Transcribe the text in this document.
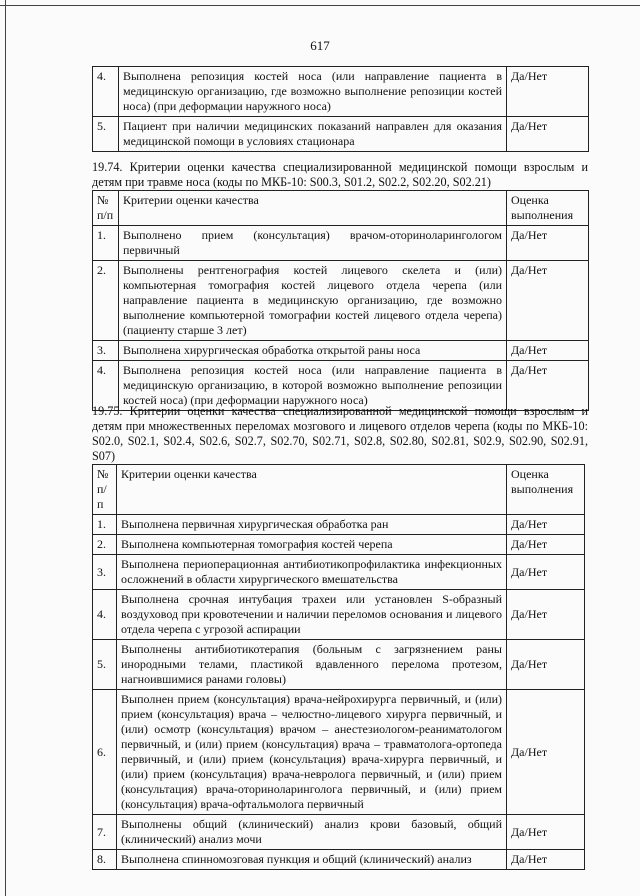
617
4.	Выполнена репозиция костей носа (или направление пациента в медицинскую организацию, где возможно выполнение репозиции костей носа) (при деформации наружного носа)	Да/Нет
5.	Пациент при наличии медицинских показаний направлен для оказания медицинской помощи в условиях стационара	Да/Нет
19.74. Критерии оценки качества специализированной медицинской помощи взрослым и детям при травме носа (коды по МКБ-10: S00.3, S01.2, S02.2, S02.20, S02.21)
№ п/п	Критерии оценки качества	Оценка выполнения
1.	Выполнено прием (консультация) врачом-оториноларингологом первичный	Да/Нет
2.	Выполнены рентгенография костей лицевого скелета и (или) компьютерная томография костей лицевого отдела черепа (или направление пациента в медицинскую организацию, где возможно выполнение компьютерной томографии костей лицевого отдела черепа) (пациенту старше 3 лет)	Да/Нет
3.	Выполнена хирургическая обработка открытой раны носа	Да/Нет
4.	Выполнена репозиция костей носа (или направление пациента в медицинскую организацию, в которой возможно выполнение репозиции костей носа) (при деформации наружного носа)	Да/Нет
19.75. Критерии оценки качества специализированной медицинской помощи взрослым и детям при множественных переломах мозгового и лицевого отделов черепа (коды по МКБ-10: S02.0, S02.1, S02.4, S02.6, S02.7, S02.70, S02.71, S02.8, S02.80, S02.81, S02.9, S02.90, S02.91, S07)
№ п/п	Критерии оценки качества	Оценка выполнения
1.	Выполнена первичная хирургическая обработка ран	Да/Нет
2.	Выполнена компьютерная томография костей черепа	Да/Нет
3.	Выполнена периоперационная антибиотикопрофилактика инфекционных осложнений в области хирургического вмешательства	Да/Нет
4.	Выполнена срочная интубация трахеи или установлен S-образный воздуховод при кровотечении и наличии переломов основания и лицевого отдела черепа с угрозой аспирации	Да/Нет
5.	Выполнены антибиотикотерапия (больным с загрязнением раны инородными телами, пластикой вдавленного перелома протезом, нагноившимися ранами головы)	Да/Нет
6.	Выполнен прием (консультация) врача-нейрохирурга первичный, и (или) прием (консультация) врача – челюстно-лицевого хирурга первичный, и (или) осмотр (консультация) врачом – анестезиологом-реаниматологом первичный, и (или) прием (консультация) врача – травматолога-ортопеда первичный, и (или) прием (консультация) врача-хирурга первичный, и (или) прием (консультация) врача-невролога первичный, и (или) прием (консультация) врача-оториноларинголога первичный, и (или) прием (консультация) врача-офтальмолога первичный	Да/Нет
7.	Выполнены общий (клинический) анализ крови базовый, общий (клинический) анализ мочи	Да/Нет
8.	Выполнена спинномозговая пункция и общий (клинический) анализ	Да/Нет
